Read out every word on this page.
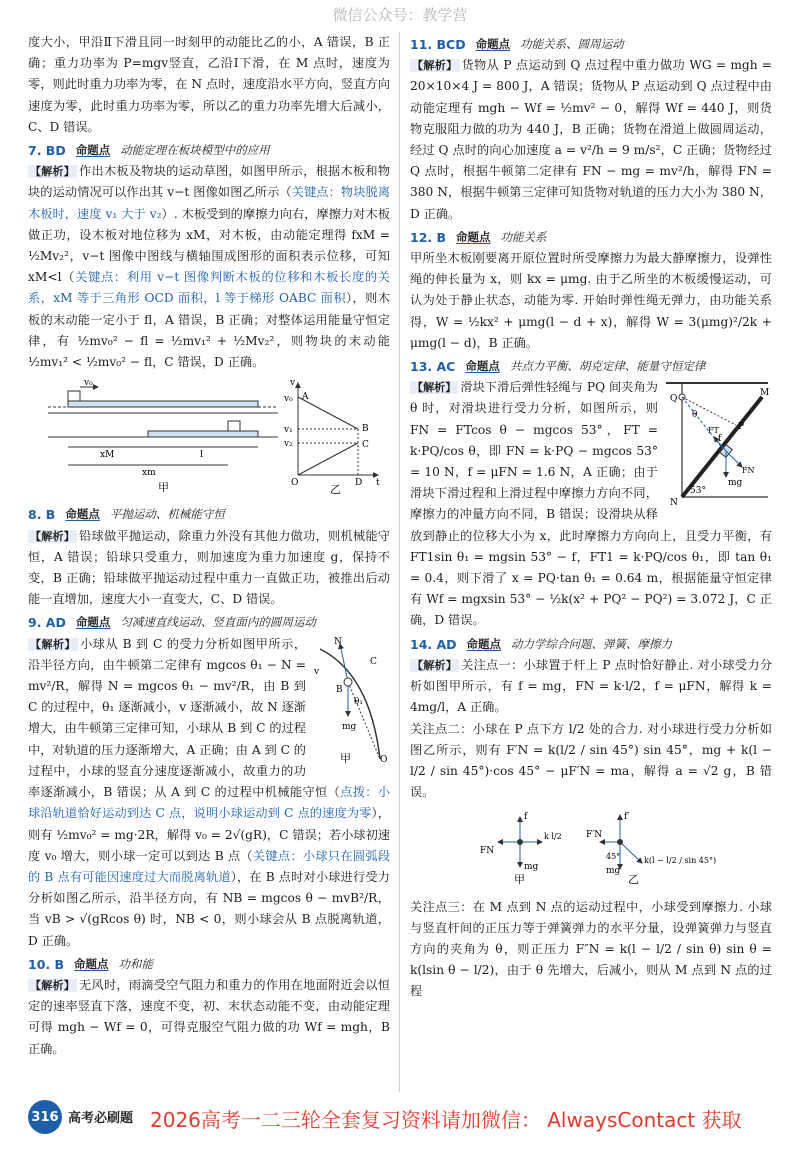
微信公众号：教学营

度大小，甲沿Ⅱ下滑且同一时刻甲的动能比乙的小，A 错误，B 正确；重力功率为 P=mgv竖直，乙沿Ⅰ下滑，在 M 点时，速度为零，则此时重力功率为零，在 N 点时，速度沿水平方向，竖直方向速度为零，此时重力功率为零，所以乙的重力功率先增大后减小，C、D 错误。

7. BD 命题点 动能定理在板块模型中的应用

【解析】 作出木板及物块的运动草图，如图甲所示，根据木板和物块的运动情况可以作出其 v−t 图像如图乙所示（关键点：物块脱离木板时，速度 v₁ 大于 v₂）. 木板受到的摩擦力向右，摩擦力对木板做正功，设木板对地位移为 xM，对木板，由动能定理得 fxM = ½Mv₂²，v−t 图像中图线与横轴围成图形的面积表示位移，可知 xM<l（关键点：利用 v−t 图像判断木板的位移和木板长度的关系，xM 等于三角形 OCD 面积，l 等于梯形 OABC 面积），则木板的末动能一定小于 fl，A 错误，B 正确；对整体运用能量守恒定律，有 ½mv₀² − fl = ½mv₁² + ½Mv₂²，则物块的末动能 ½mv₁² < ½mv₀² − fl，C 错误，D 正确。

v₀
xM	l
xm
甲
v
v₀
v₁
v₂
A
B
C
O	D t
乙
8. B 命题点 平抛运动、机械能守恒

【解析】 铅球做平抛运动，除重力外没有其他力做功，则机械能守恒，A 错误；铅球只受重力，则加速度为重力加速度 g，保持不变，B 正确；铅球做平抛运动过程中重力一直做正功，被推出后动能一直增加，速度大小一直变大，C、D 错误。

9. AD 命题点 匀减速直线运动、竖直面内的圆周运动
N
B
C
θ₁
mg
O
v
甲

【解析】 小球从 B 到 C 的受力分析如图甲所示，沿半径方向，由牛顿第二定律有 mgcos θ₁ − N = mv²/R，解得 N = mgcos θ₁ − mv²/R，由 B 到 C 的过程中，θ₁ 逐渐减小，v 逐渐减小，故 N 逐渐增大，由牛顿第三定律可知，小球从 B 到 C 的过程中，对轨道的压力逐渐增大，A 正确；由 A 到 C 的过程中，小球的竖直分速度逐渐减小，故重力的功率逐渐减小，B 错误；从 A 到 C 的过程中机械能守恒（点拨：小球沿轨道恰好运动到达 C 点，说明小球运动到 C 点的速度为零），则有 ½mv₀² = mg·2R，解得 v₀ = 2√(gR)，C 错误；若小球初速度 v₀ 增大，则小球一定可以到达 B 点（关键点：小球只在圆弧段的 B 点有可能因速度过大而脱离轨道），在 B 点时对小球进行受力分析如图乙所示，沿半径方向，有 NB = mgcos θ − mvB²/R，当 vB > √(gRcos θ) 时，NB < 0，则小球会从 B 点脱离轨道，D 正确。

10. B 命题点 功和能

【解析】 无风时，雨滴受空气阻力和重力的作用在地面附近会以恒定的速率竖直下落，速度不变，初、末状态动能不变，由动能定理可得 mgh − Wf = 0，可得克服空气阻力做的功 Wf = mgh，B 正确。

11. BCD 命题点 功能关系、圆周运动

【解析】 货物从 P 点运动到 Q 点过程中重力做功 WG = mgh = 20×10×4 J = 800 J，A 错误；货物从 P 点运动到 Q 点过程中由动能定理有 mgh − Wf = ½mv² − 0，解得 Wf = 440 J，则货物克服阻力做的功为 440 J，B 正确；货物在滑道上做圆周运动，经过 Q 点时的向心加速度 a = v²/h = 9 m/s²，C 正确；货物经过 Q 点时，根据牛顿第二定律有 FN − mg = mv²/h，解得 FN = 380 N，根据牛顿第三定律可知货物对轨道的压力大小为 380 N，D 正确。

12. B 命题点 功能关系

甲所坐木板刚要离开原位置时所受摩擦力为最大静摩擦力，设弹性绳的伸长量为 x，则 kx = μmg. 由于乙所坐的木板缓慢运动，可认为处于静止状态，动能为零. 开始时弹性绳无弹力，由功能关系得，W = ½kx² + μmg(l − d + x)，解得 W = 3(μmg)²/2k + μmg(l − d)，B 正确。

13. AC 命题点 共点力平衡、胡克定律、能量守恒定律
Q
P
M
θ
f
FT
FN
mg
N
53°

【解析】 滑块下滑后弹性轻绳与 PQ 间夹角为 θ 时，对滑块进行受力分析，如图所示，则 FN = FTcos θ − mgcos 53°，FT = k·PQ/cos θ，即 FN = k·PQ − mgcos 53° = 10 N，f = μFN = 1.6 N，A 正确；由于滑块下滑过程和上滑过程中摩擦力方向不同，摩擦力的冲量方向不同，B 错误；设滑块从释放到静止的位移大小为 x，此时摩擦力方向向上，且受力平衡，有 FT1sin θ₁ = mgsin 53° − f，FT1 = k·PQ/cos θ₁，即 tan θ₁ = 0.4，则下滑了 x = PQ·tan θ₁ = 0.64 m，根据能量守恒定律有 Wf = mgxsin 53° − ½k(x² + PQ² − PQ²) = 3.072 J，C 正确，D 错误。

14. AD 命题点 动力学综合问题、弹簧、摩擦力

【解析】 关注点一：小球置于杆上 P 点时恰好静止. 对小球受力分析如图甲所示，有 f = mg，FN = k·l/2，f = μFN，解得 k = 4mg/l，A 正确。

关注点二：小球在 P 点下方 l/2 处的合力. 对小球进行受力分析如图乙所示，则有 F′N = k(l/2 / sin 45°) sin 45°，mg + k(l − l/2 / sin 45°)·cos 45° − μF′N = ma，解得 a = √2 g，B 错误。

f
FN
k l/2
mg
甲
f′
F′N
45°
mg
k(l − l/2 / sin 45°)
乙

关注点三：在 M 点到 N 点的运动过程中，小球受到摩擦力. 小球与竖直杆间的正压力等于弹簧弹力的水平分量，设弹簧弹力与竖直方向的夹角为 θ，则正压力 F″N = k(l − l/2 / sin θ) sin θ = k(lsin θ − l/2)，由于 θ 先增大，后减小，则从 M 点到 N 点的过程

316 高考必刷题 2026高考一二三轮全套复习资料请加微信： AlwaysContact 获取
